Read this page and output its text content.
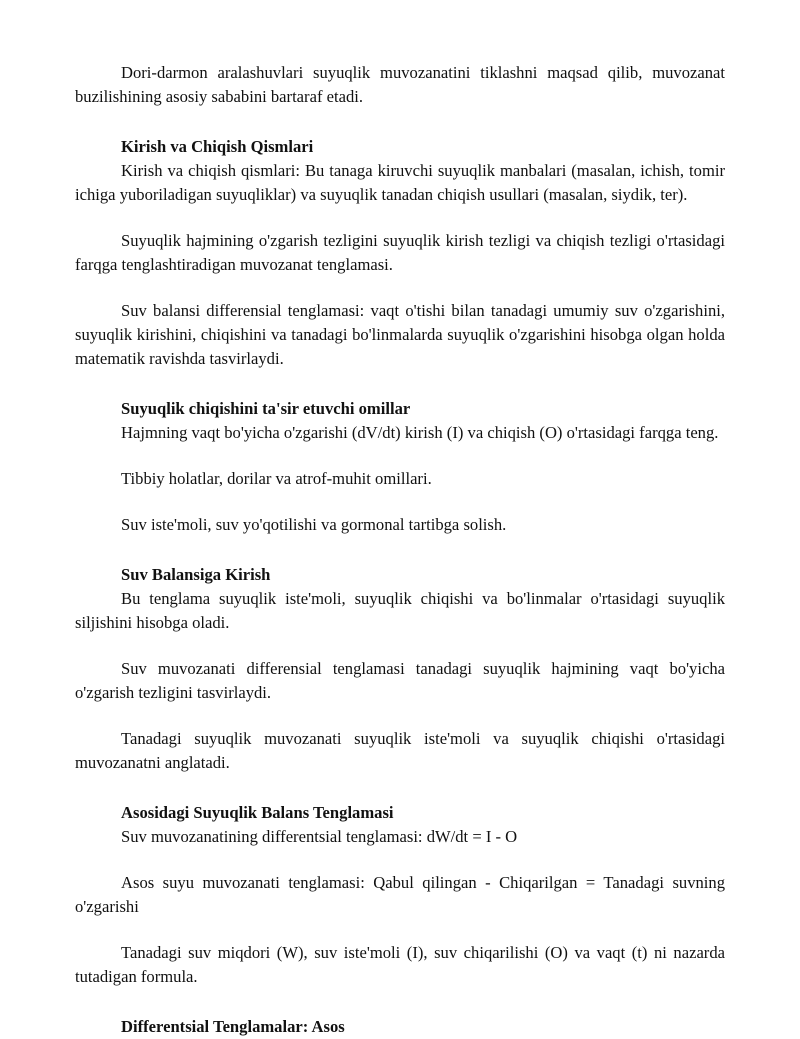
Dori-darmon aralashuvlari suyuqlik muvozanatini tiklashni maqsad qilib, muvozanat buzilishining asosiy sababini bartaraf etadi.

Kirish va Chiqish Qismlari

Kirish va chiqish qismlari: Bu tanaga kiruvchi suyuqlik manbalari (masalan, ichish, tomir ichiga yuboriladigan suyuqliklar) va suyuqlik tanadan chiqish usullari (masalan, siydik, ter).

Suyuqlik hajmining o'zgarish tezligini suyuqlik kirish tezligi va chiqish tezligi o'rtasidagi farqga tenglashtiradigan muvozanat tenglamasi.

Suv balansi differensial tenglamasi: vaqt o'tishi bilan tanadagi umumiy suv o'zgarishini, suyuqlik kirishini, chiqishini va tanadagi bo'linmalarda suyuqlik o'zgarishini hisobga olgan holda matematik ravishda tasvirlaydi.

Suyuqlik chiqishini ta'sir etuvchi omillar

Hajmning vaqt bo'yicha o'zgarishi (dV/dt) kirish (I) va chiqish (O) o'rtasidagi farqga teng.

Tibbiy holatlar, dorilar va atrof-muhit omillari.

Suv iste'moli, suv yo'qotilishi va gormonal tartibga solish.

Suv Balansiga Kirish

Bu tenglama suyuqlik iste'moli, suyuqlik chiqishi va bo'linmalar o'rtasidagi suyuqlik siljishini hisobga oladi.

Suv muvozanati differensial tenglamasi tanadagi suyuqlik hajmining vaqt bo'yicha o'zgarish tezligini tasvirlaydi.

Tanadagi suyuqlik muvozanati suyuqlik iste'moli va suyuqlik chiqishi o'rtasidagi muvozanatni anglatadi.

Asosidagi Suyuqlik Balans Tenglamasi

Suv muvozanatining differentsial tenglamasi: dW/dt = I - O

Asos suyu muvozanati tenglamasi: Qabul qilingan - Chiqarilgan = Tanadagi suvning o'zgarishi

Tanadagi suv miqdori (W), suv iste'moli (I), suv chiqarilishi (O) va vaqt (t) ni nazarda tutadigan formula.

Differentsial Tenglamalar: Asos
